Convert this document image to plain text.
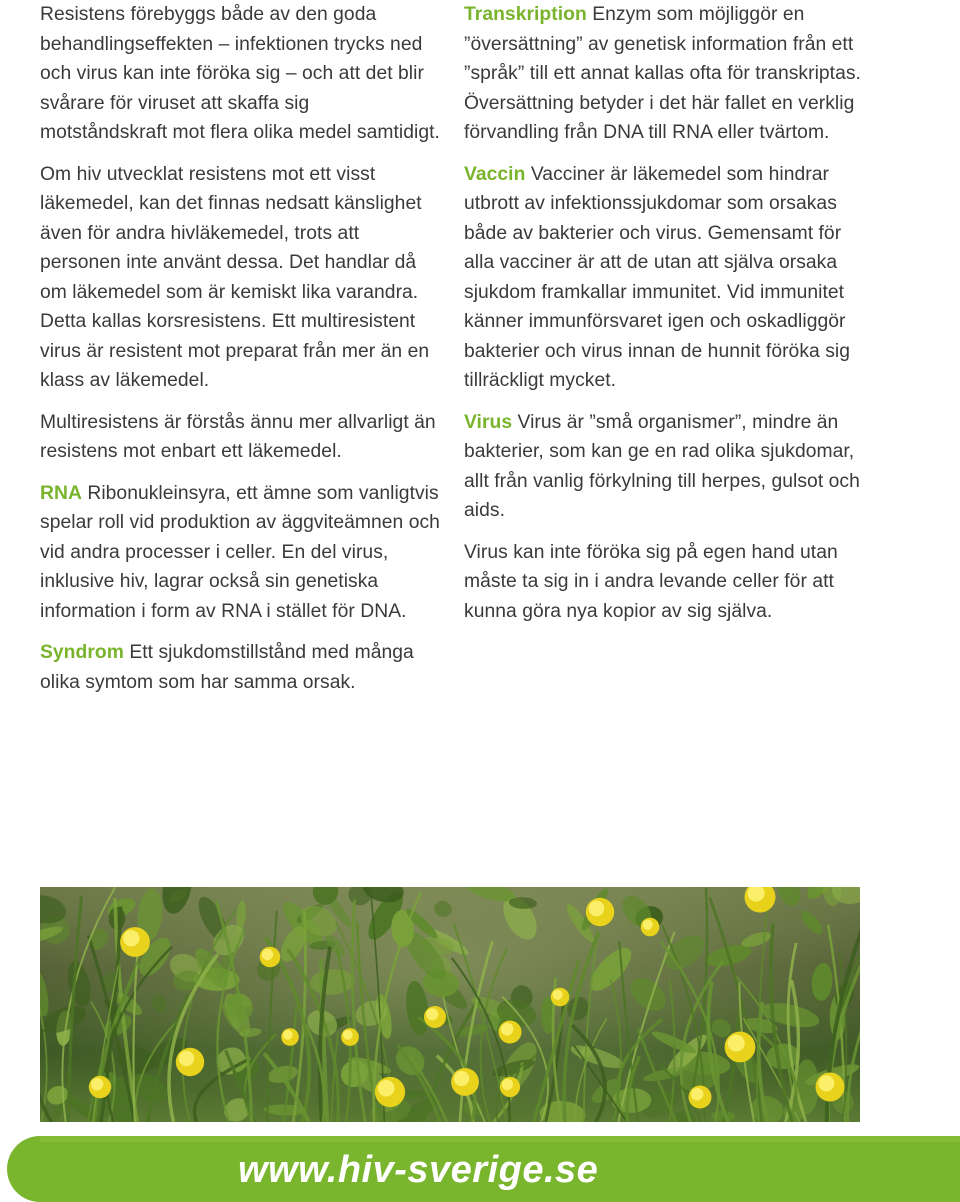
Resistens förebyggs både av den goda behandlingseffekten – infektionen trycks ned och virus kan inte föröka sig – och att det blir svårare för viruset att skaffa sig motståndskraft mot flera olika medel samtidigt.

Om hiv utvecklat resistens mot ett visst läkemedel, kan det finnas nedsatt känslighet även för andra hivläkemedel, trots att personen inte använt dessa. Det handlar då om läkemedel som är kemiskt lika varandra. Detta kallas korsresistens. Ett multiresistent virus är resistent mot preparat från mer än en klass av läkemedel.

Multiresistens är förstås ännu mer allvarligt än resistens mot enbart ett läkemedel.

RNA Ribonukleinsyra, ett ämne som vanligtvis spelar roll vid produktion av äggviteämnen och vid andra processer i celler. En del virus, inklusive hiv, lagrar också sin genetiska information i form av RNA i stället för DNA.

Syndrom Ett sjukdomstillstånd med många olika symtom som har samma orsak.

Transkription Enzym som möjliggör en ”översättning” av genetisk information från ett ”språk” till ett annat kallas ofta för transkriptas. Översättning betyder i det här fallet en verklig förvandling från DNA till RNA eller tvärtom.

Vaccin Vacciner är läkemedel som hindrar utbrott av infektionssjukdomar som orsakas både av bakterier och virus. Gemensamt för alla vacciner är att de utan att själva orsaka sjukdom framkallar immunitet. Vid immunitet känner immunförsvaret igen och oskadliggör bakterier och virus innan de hunnit föröka sig tillräckligt mycket.

Virus Virus är ”små organismer”, mindre än bakterier, som kan ge en rad olika sjukdomar, allt från vanlig förkylning till herpes, gulsot och aids.

Virus kan inte föröka sig på egen hand utan måste ta sig in i andra levande celler för att kunna göra nya kopior av sig själva.

www.hiv-sverige.se
